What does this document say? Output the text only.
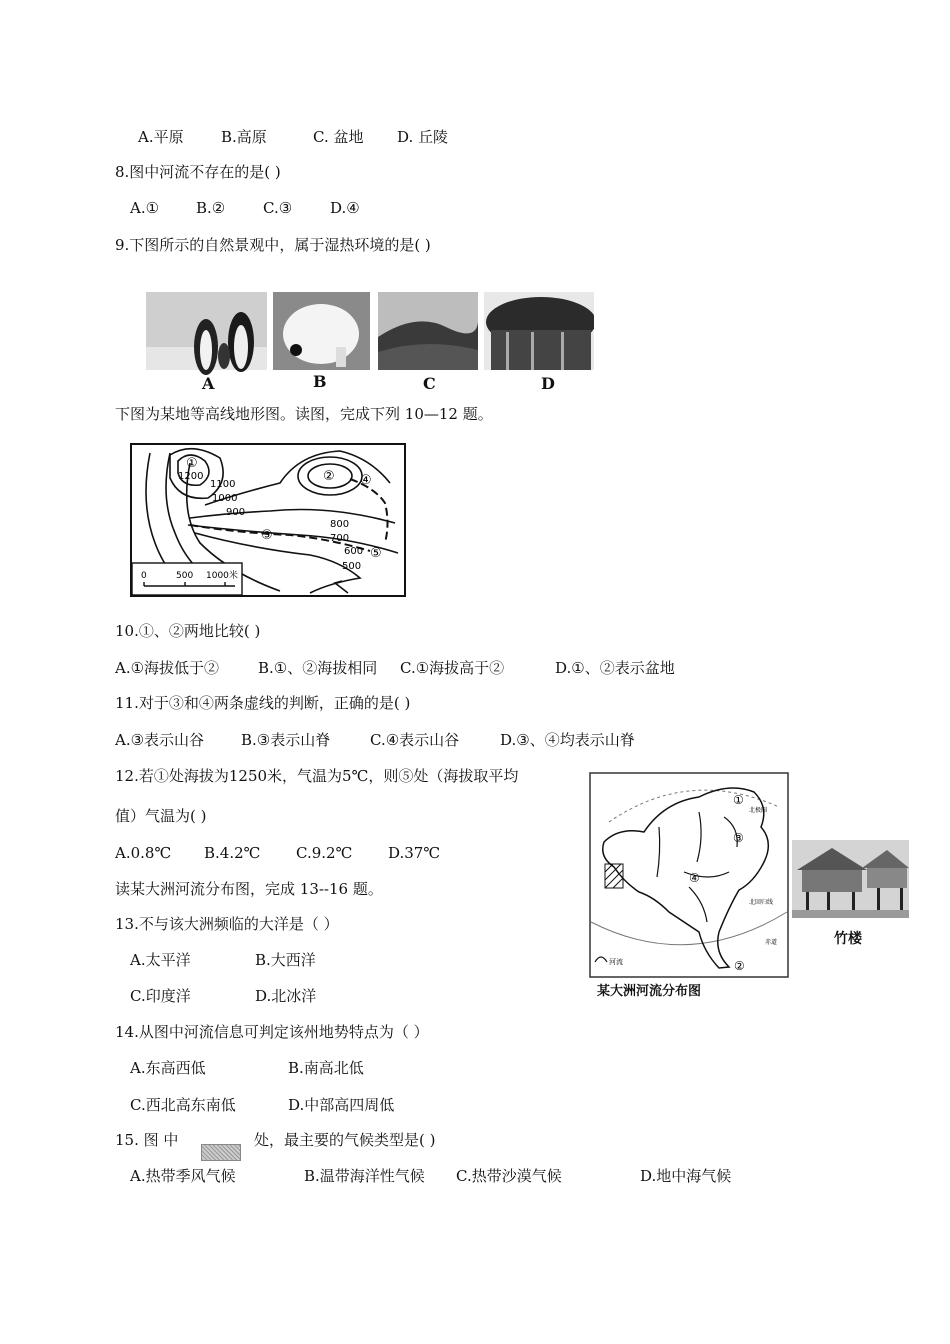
A.平原 B.高原	C. 盆地 D. 丘陵
8.图中河流不存在的是( )
A.① B.②	C.③	D.④
9.下图所示的自然景观中，属于湿热环境的是( )
A	B	C	D
下图为某地等高线地形图。读图，完成下列 10—12 题。
①
②
③
④
⑤
1200
1100
1000
900
800
700
600
500
0	500 1000米
10.①、②两地比较( )
A.①海拔低于②	B.①、②海拔相同 C.①海拔高于②	D.①、②表示盆地
11.对于③和④两条虚线的判断，正确的是( )
A.③表示山谷 B.③表示山脊	C.④表示山谷	D.③、④均表示山脊
12.若①处海拔为1250米，气温为5℃，则⑤处（海拔取平均
值）气温为( )
A.0.8℃ B.4.2℃ C.9.2℃ D.37℃
读某大洲河流分布图，完成 13--16 题。
河流
①
②
③
④
北极圈
北回归线
赤道
某大洲河流分布图
竹楼
13.不与该大洲频临的大洋是（ ）
A.太平洋	B.大西洋
C.印度洋	D.北冰洋
14.从图中河流信息可判定该州地势特点为（ ）
A.东高西低	B.南高北低
C.西北高东南低	D.中部高四周低
15. 图 中	处，最主要的气候类型是( )
A.热带季风气候	B.温带海洋性气候 C.热带沙漠气候	D.地中海气候
